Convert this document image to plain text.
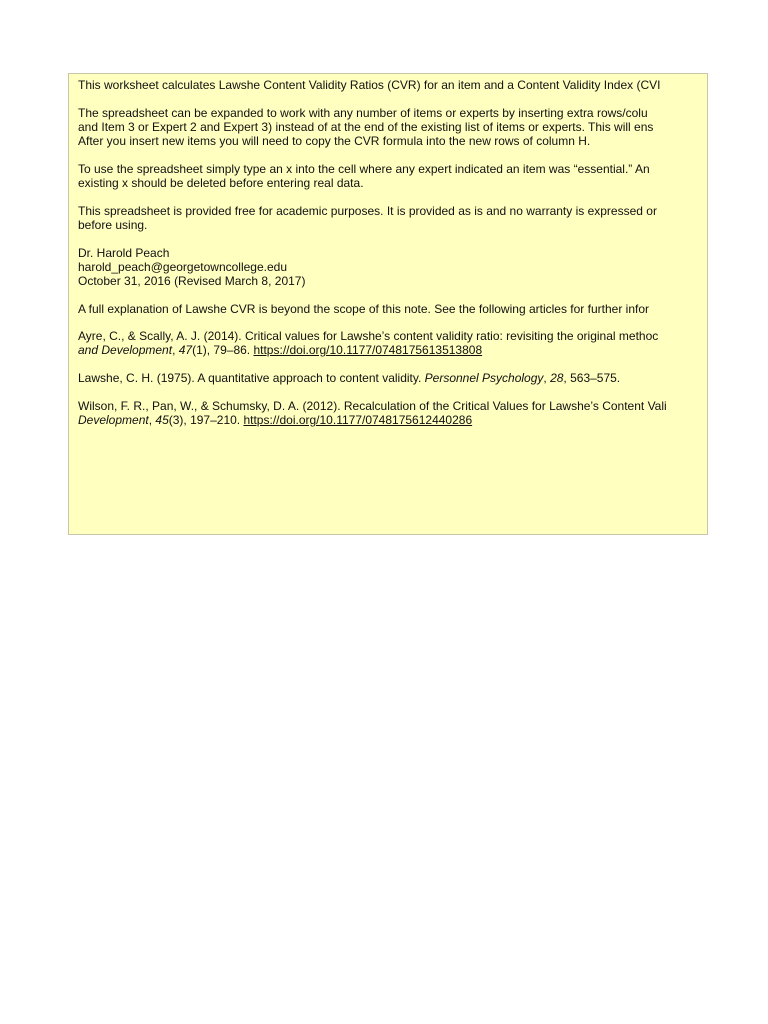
This worksheet calculates Lawshe Content Validity Ratios (CVR) for an item and a Content Validity Index (CVI

The spreadsheet can be expanded to work with any number of items or experts by inserting extra rows/colu
and Item 3 or Expert 2 and Expert 3) instead of at the end of the existing list of items or experts. This will ens
After you insert new items you will need to copy the CVR formula into the new rows of column H.

To use the spreadsheet simply type an x into the cell where any expert indicated an item was “essential.” An
existing x should be deleted before entering real data.

This spreadsheet is provided free for academic purposes. It is provided as is and no warranty is expressed or
before using.

Dr. Harold Peach
harold_peach@georgetowncollege.edu
October 31, 2016 (Revised March 8, 2017)

A full explanation of Lawshe CVR is beyond the scope of this note. See the following articles for further infor

Ayre, C., & Scally, A. J. (2014). Critical values for Lawshe’s content validity ratio: revisiting the original methoc
and Development, 47(1), 79–86. https://doi.org/10.1177/0748175613513808

Lawshe, C. H. (1975). A quantitative approach to content validity. Personnel Psychology, 28, 563–575.

Wilson, F. R., Pan, W., & Schumsky, D. A. (2012). Recalculation of the Critical Values for Lawshe’s Content Vali
Development, 45(3), 197–210. https://doi.org/10.1177/0748175612440286
